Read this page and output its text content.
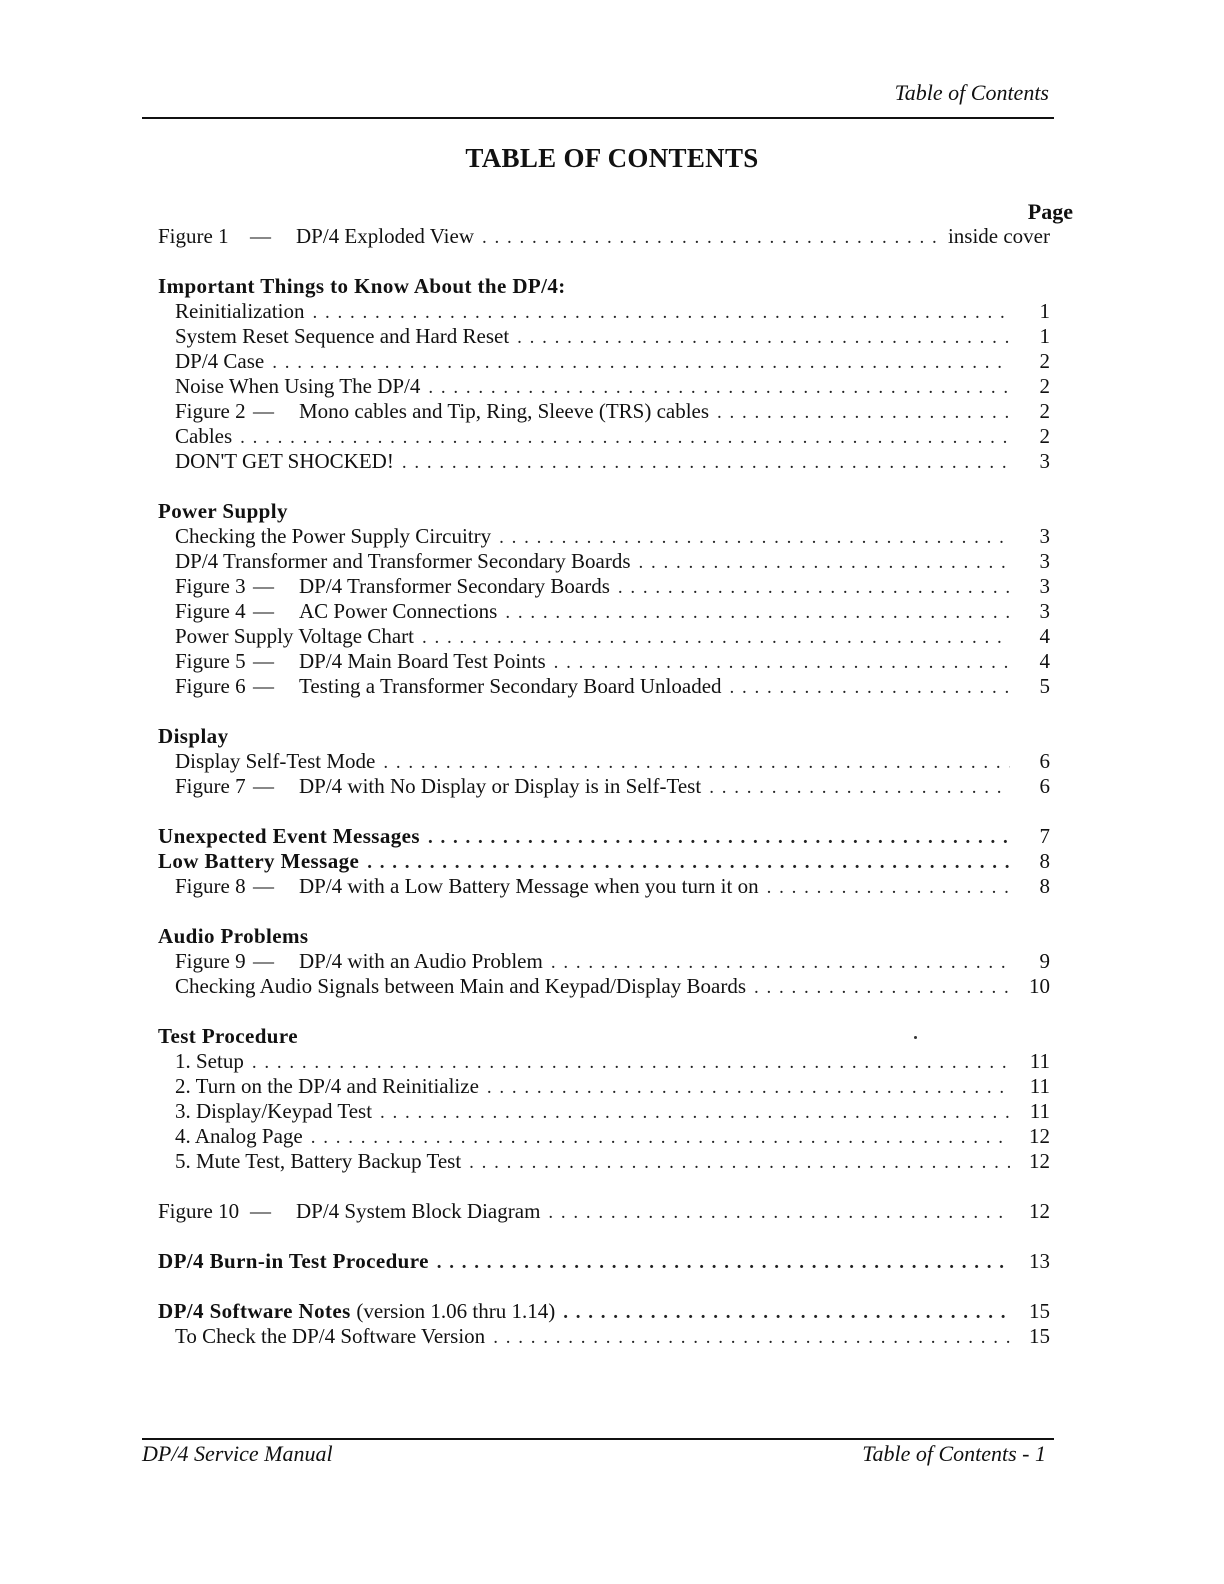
Table of Contents
TABLE OF CONTENTS
Page
Figure 1 — DP/4 Exploded View . . .	inside cover
Important Things to Know About the DP/4:
Reinitialization . . .	1
System Reset Sequence and Hard Reset . . .	1
DP/4 Case . . .	2
Noise When Using The DP/4 . . .	2
Figure 2 — Mono cables and Tip, Ring, Sleeve (TRS) cables . . .	2
Cables . . .	2
DON'T GET SHOCKED! . . .	3
Power Supply
Checking the Power Supply Circuitry . . .	3
DP/4 Transformer and Transformer Secondary Boards . . .	3
Figure 3 — DP/4 Transformer Secondary Boards . . .	3
Figure 4 — AC Power Connections . . .	3
Power Supply Voltage Chart . . .	4
Figure 5 — DP/4 Main Board Test Points . . .	4
Figure 6 — Testing a Transformer Secondary Board Unloaded . . .	5
Display
Display Self-Test Mode . . .	6
Figure 7 — DP/4 with No Display or Display is in Self-Test . . .	6
Unexpected Event Messages . . .	7
Low Battery Message . . .	8
Figure 8 — DP/4 with a Low Battery Message when you turn it on . . .	8
Audio Problems
Figure 9 — DP/4 with an Audio Problem . . .	9
Checking Audio Signals between Main and Keypad/Display Boards . . .	10
Test Procedure
1. Setup . . .	11
2. Turn on the DP/4 and Reinitialize . . .	11
3. Display/Keypad Test . . .	11
4. Analog Page . . .	12
5. Mute Test, Battery Backup Test . . .	12
Figure 10 — DP/4 System Block Diagram . . .	12
DP/4 Burn-in Test Procedure . . .	13
DP/4 Software Notes (version 1.06 thru 1.14) . . .	15
To Check the DP/4 Software Version . . .	15
DP/4 Service Manual	Table of Contents - 1
